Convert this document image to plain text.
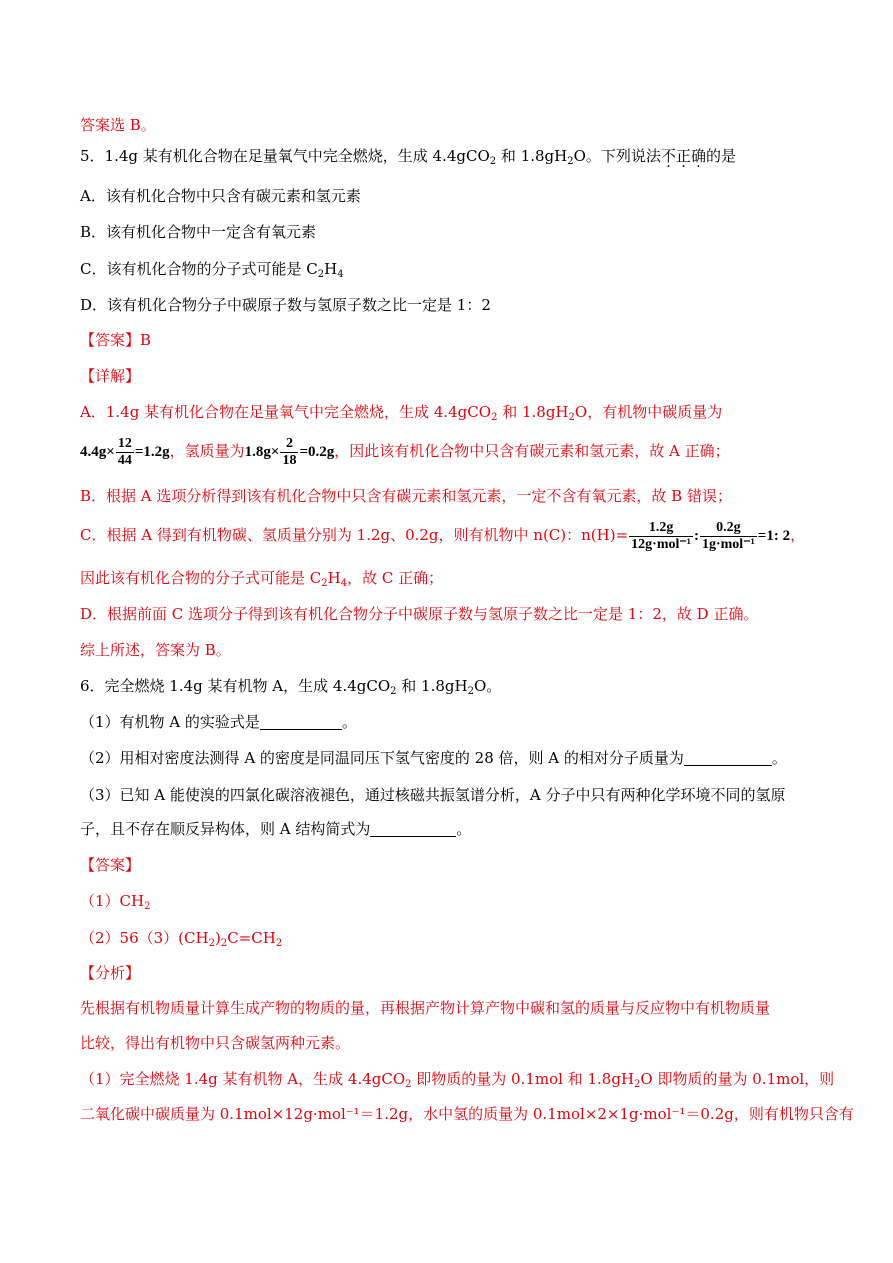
答案选 B。
5．1.4g 某有机化合物在足量氧气中完全燃烧，生成 4.4gCO$_2$ 和 $1.8gH_2O$。下列说法不正确的是
A．该有机化合物中只含有碳元素和氢元素
B．该有机化合物中一定含有氧元素
C．该有机化合物的分子式可能是 $C_2H_4$
D．该有机化合物分子中碳原子数与氢原子数之比一定是 1：2
【答案】B
【详解】
A．1.4g 某有机化合物在足量氧气中完全燃烧，生成 4.4gCO$_2$ 和 $1.8gH_2O$，有机物中碳质量为
$4.4g\times \frac{12}{44} =1.2g$，氢质量为$1.8g\times \frac{2}{18} =0.2g$，因此该有机化合物中只含有碳元素和氢元素，故 A 正确；
B．根据 A 选项分析得到该有机化合物中只含有碳元素和氢元素，一定不含有氧元素，故 B 错误；
C．根据 A 得到有机物碳、氢质量分别为 1.2g、0.2g，则有机物中 n(C)：$n(H)= \frac{1.2g}{\text{12g·mol⁻¹}}$ : $\frac{0.2g}{\text{1g·mol⁻¹}} =1$: 2，
因此该有机化合物的分子式可能是 $C_2H_4$，故 C 正确；
D．根据前面 C 选项分子得到该有机化合物分子中碳原子数与氢原子数之比一定是 1：2，故 D 正确。
综上所述，答案为 B。
6．完全燃烧 1.4g 某有机物 A，生成 4.4gCO$_2$ 和 $1.8gH_2O$。
（1）有机物 A 的实验式是	。
（2）用相对密度法测得 A 的密度是同温同压下氢气密度的 28 倍，则 A 的相对分子质量为	。
（3）已知 A 能使溴的四氯化碳溶液褪色，通过核磁共振氢谱分析，A 分子中只有两种化学环境不同的氢原
子，且不存在顺反异构体，则 A 结构简式为	。
【答案】
$(1)CH_2$
$(2)56(3)(CH_2)_2C=CH_2$
【分析】
先根据有机物质量计算生成产物的物质的量，再根据产物计算产物中碳和氢的质量与反应物中有机物质量
比较，得出有机物中只含碳氢两种元素。
（1）完全燃烧 1.4g 某有机物 A，生成 4.4gCO$_2$ 即物质的量为 0.1mol 和 $1.8gH_2O$ 即物质的量为 0.1mol，则
二氧化碳中碳质量为 0.1mol×12g·mol⁻¹＝1.2g，水中氢的质量为 0.1mol×2×1g·mol⁻¹＝0.2g，则有机物只含有
